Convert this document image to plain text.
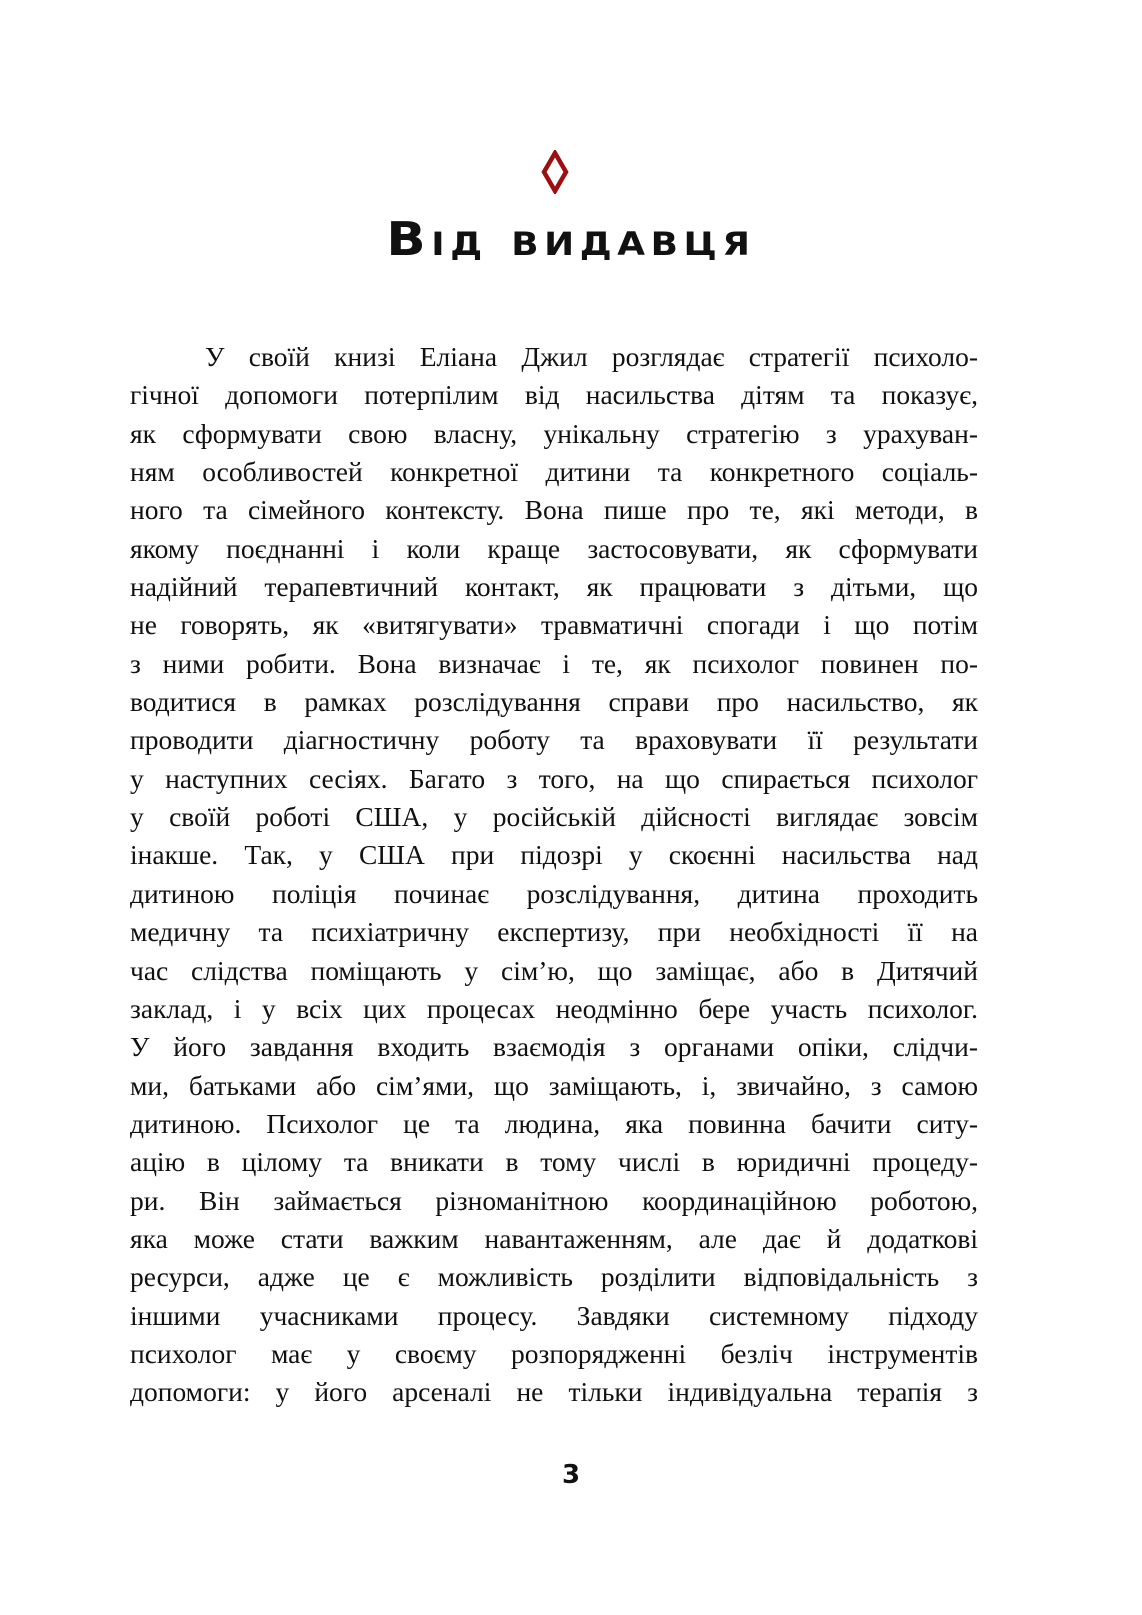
Від видавця
У своїй книзі Еліана Джил розглядає стратегії психоло-
гічної допомоги потерпілим від насильства дітям та показує,
як сформувати свою власну, унікальну стратегію з урахуван-
ням особливостей конкретної дитини та конкретного соціаль-
ного та сімейного контексту. Вона пише про те, які методи, в
якому поєднанні і коли краще застосовувати, як сформувати
надійний терапевтичний контакт, як працювати з дітьми, що
не говорять, як «витягувати» травматичні спогади і що потім
з ними робити. Вона визначає і те, як психолог повинен по-
водитися в рамках розслідування справи про насильство, як
проводити діагностичну роботу та враховувати її результати
у наступних сесіях. Багато з того, на що спирається психолог
у своїй роботі США, у російській дійсності виглядає зовсім
інакше. Так, у США при підозрі у скоєнні насильства над
дитиною поліція починає розслідування, дитина проходить
медичну та психіатричну експертизу, при необхідності її на
час слідства поміщають у сім’ю, що заміщає, або в Дитячий
заклад, і у всіх цих процесах неодмінно бере участь психолог.
У його завдання входить взаємодія з органами опіки, слідчи-
ми, батьками або сім’ями, що заміщають, і, звичайно, з самою
дитиною. Психолог це та людина, яка повинна бачити ситу-
ацію в цілому та вникати в тому числі в юридичні процеду-
ри. Він займається різноманітною координаційною роботою,
яка може стати важким навантаженням, але дає й додаткові
ресурси, адже це є можливість розділити відповідальність з
іншими учасниками процесу. Завдяки системному підходу
психолог має у своєму розпорядженні безліч інструментів
допомоги: у його арсеналі не тільки індивідуальна терапія з
3
